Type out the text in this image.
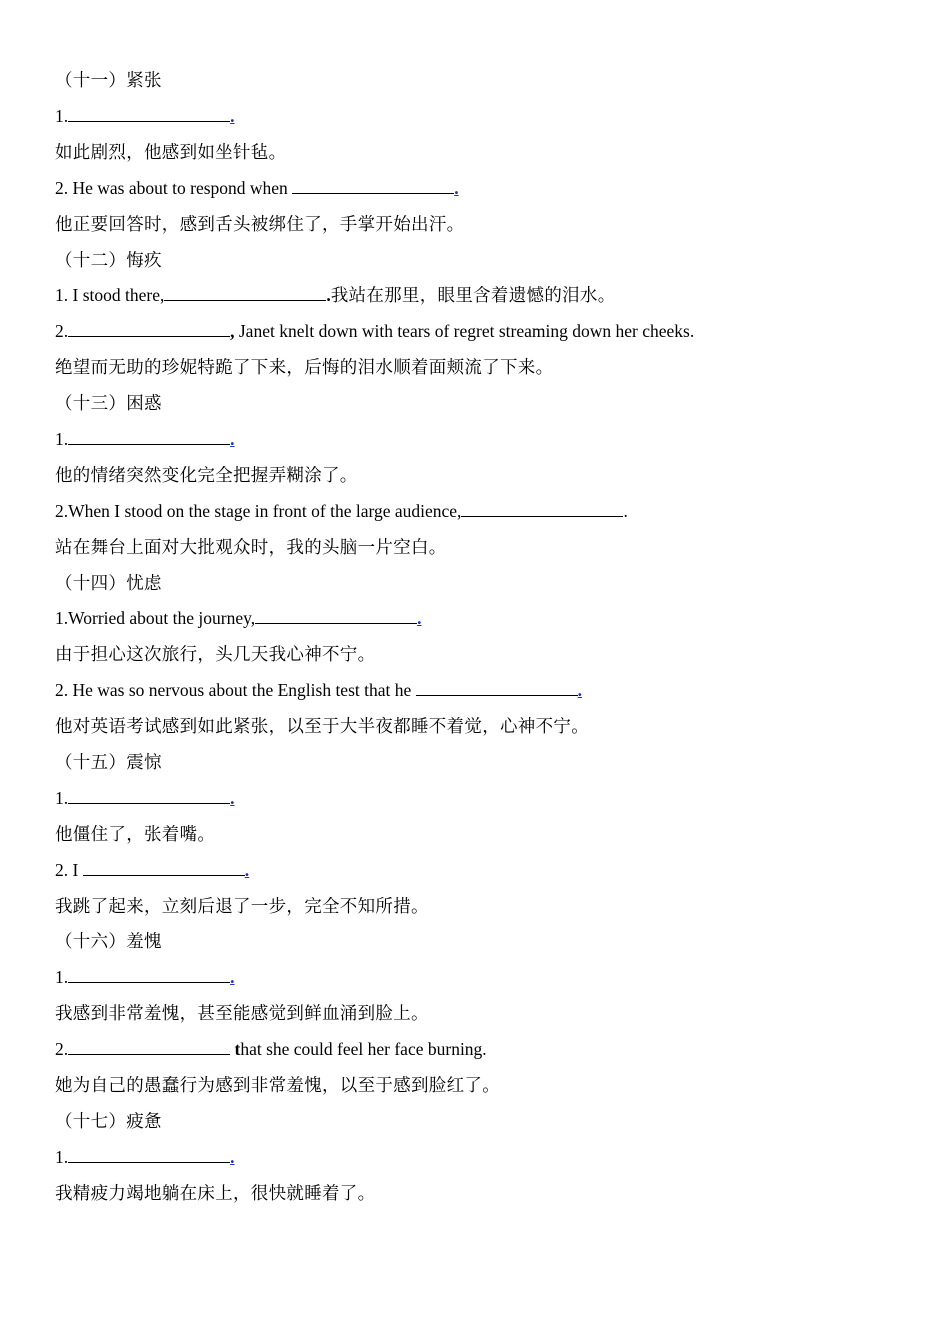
（十一）紧张
1.	.
如此剧烈，他感到如坐针毡。
2. He was about to respond when	.
他正要回答时，感到舌头被绑住了，手掌开始出汗。
（十二）悔疚
1. I stood there,	.我站在那里，眼里含着遗憾的泪水。
2.	, Janet knelt down with tears of regret streaming down her cheeks.
绝望而无助的珍妮特跪了下来，后悔的泪水顺着面颊流了下来。
（十三）困惑
1.	.
他的情绪突然变化完全把握弄糊涂了。
2.When I stood on the stage in front of the large audience,	.
站在舞台上面对大批观众时，我的头脑一片空白。
（十四）忧虑
1.Worried about the journey,	.
由于担心这次旅行，头几天我心神不宁。
2. He was so nervous about the English test that he	.
他对英语考试感到如此紧张，以至于大半夜都睡不着觉，心神不宁。
（十五）震惊
1.	.
他僵住了，张着嘴。
2. I	.
我跳了起来，立刻后退了一步，完全不知所措。
（十六）羞愧
1.	.
我感到非常羞愧，甚至能感觉到鲜血涌到脸上。
2.	that she could feel her face burning.
她为自己的愚蠢行为感到非常羞愧，以至于感到脸红了。
（十七）疲惫
1.	.
我精疲力竭地躺在床上，很快就睡着了。
